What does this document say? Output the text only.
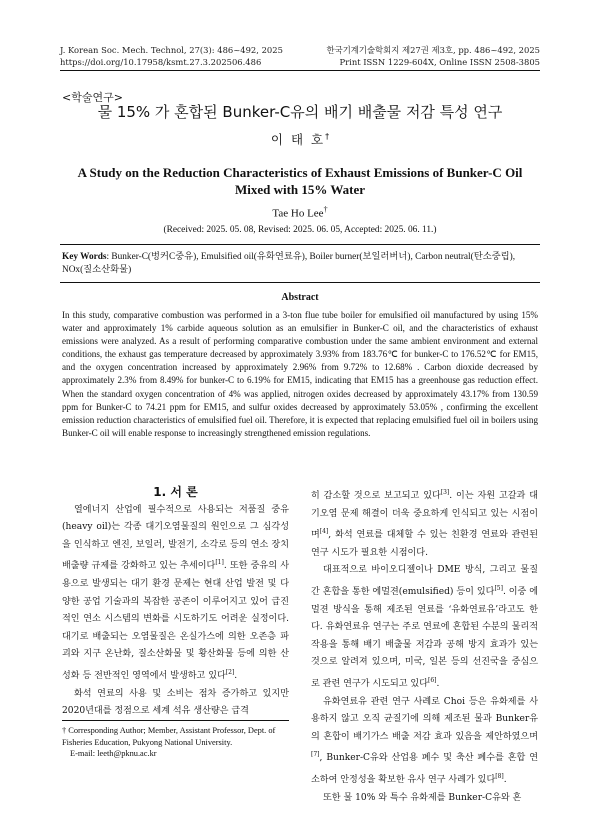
J. Korean Soc. Mech. Technol, 27(3): 486~492, 2025	한국기계기술학회지 제27권 제3호, pp. 486~492, 2025
https://doi.org/10.17958/ksmt.27.3.202506.486	Print ISSN 1229-604X, Online ISSN 2508-3805
<학술연구>
물 15% 가 혼합된 Bunker-C유의 배기 배출물 저감 특성 연구
이 태 호†
A Study on the Reduction Characteristics of Exhaust Emissions of Bunker-C Oil
Mixed with 15% Water
Tae Ho Lee†
(Received: 2025. 05. 08, Revised: 2025. 06. 05, Accepted: 2025. 06. 11.)
Key Words: Bunker-C(벙커C중유), Emulsified oil(유화연료유), Boiler burner(보일러버너), Carbon neutral(탄소중립), NOx(질소산화물)
Abstract
In this study, comparative combustion was performed in a 3-ton flue tube boiler for emulsified oil manufactured by using 15% water and approximately 1% carbide aqueous solution as an emulsifier in Bunker-C oil, and the characteristics of exhaust emissions were analyzed. As a result of performing comparative combustion under the same ambient environment and external conditions, the exhaust gas temperature decreased by approximately 3.93% from 183.76℃ for bunker-C to 176.52℃ for EM15, and the oxygen concentration increased by approximately 2.96% from 9.72% to 12.68% . Carbon dioxide decreased by approximately 2.3% from 8.49% for bunker-C to 6.19% for EM15, indicating that EM15 has a greenhouse gas reduction effect. When the standard oxygen concentration of 4% was applied, nitrogen oxides decreased by approximately 43.17% from 130.59 ppm for Bunker-C to 74.21 ppm for EM15, and sulfur oxides decreased by approximately 53.05% , confirming the excellent emission reduction characteristics of emulsified fuel oil. Therefore, it is expected that replacing emulsified fuel oil in boilers using Bunker-C oil will enable response to increasingly strengthened emission regulations.

1. 서 론

열에너지 산업에 필수적으로 사용되는 저품질 중유(heavy oil)는 각종 대기오염물질의 원인으로 그 심각성을 인식하고 엔진, 보일러, 발전기, 소각로 등의 연소 장치 배출량 규제를 강화하고 있는 추세이다[1]. 또한 중유의 사용으로 발생되는 대기 환경 문제는 현대 산업 발전 및 다양한 공업 기술과의 복잡한 공존이 이루어지고 있어 급진적인 연소 시스템의 변화를 시도하기도 어려운 실정이다. 대기로 배출되는 오염물질은 온실가스에 의한 오존층 파괴와 지구 온난화, 질소산화물 및 황산화물 등에 의한 산성화 등 전반적인 영역에서 발생하고 있다[2].

화석 연료의 사용 및 소비는 점차 증가하고 있지만 2020년대를 정점으로 세계 석유 생산량은 급격

히 감소할 것으로 보고되고 있다[3]. 이는 자원 고갈과 대기오염 문제 해결이 더욱 중요하게 인식되고 있는 시점이며[4], 화석 연료를 대체할 수 있는 친환경 연료와 관련된 연구 시도가 필요한 시점이다.

대표적으로 바이오디젤이나 DME 방식, 그리고 물질간 혼합을 통한 에멀젼(emulsified) 등이 있다[5]. 이중 에멀젼 방식을 통해 제조된 연료를 ‘유화연료유’라고도 한다. 유화연료유 연구는 주로 연료에 혼합된 수분의 물리적 작용을 통해 배기 배출물 저감과 공해 방지 효과가 있는 것으로 알려져 있으며, 미국, 일본 등의 선진국을 중심으로 관련 연구가 시도되고 있다[6].

유화연료유 관련 연구 사례로 Choi 등은 유화제를 사용하지 않고 오직 균질기에 의해 제조된 물과 Bunker유의 혼합이 배기가스 배출 저감 효과 있음을 제안하였으며[7], Bunker-C유와 산업용 폐수 및 축산 폐수를 혼합 연소하여 안정성을 확보한 유사 연구 사례가 있다[8].

또한 물 10% 와 특수 유화제를 Bunker-C유와 혼

† Corresponding Author; Member, Assistant Professor, Dept. of Fisheries Education, Pukyong National University.

E-mail: leeth@pknu.ac.kr
